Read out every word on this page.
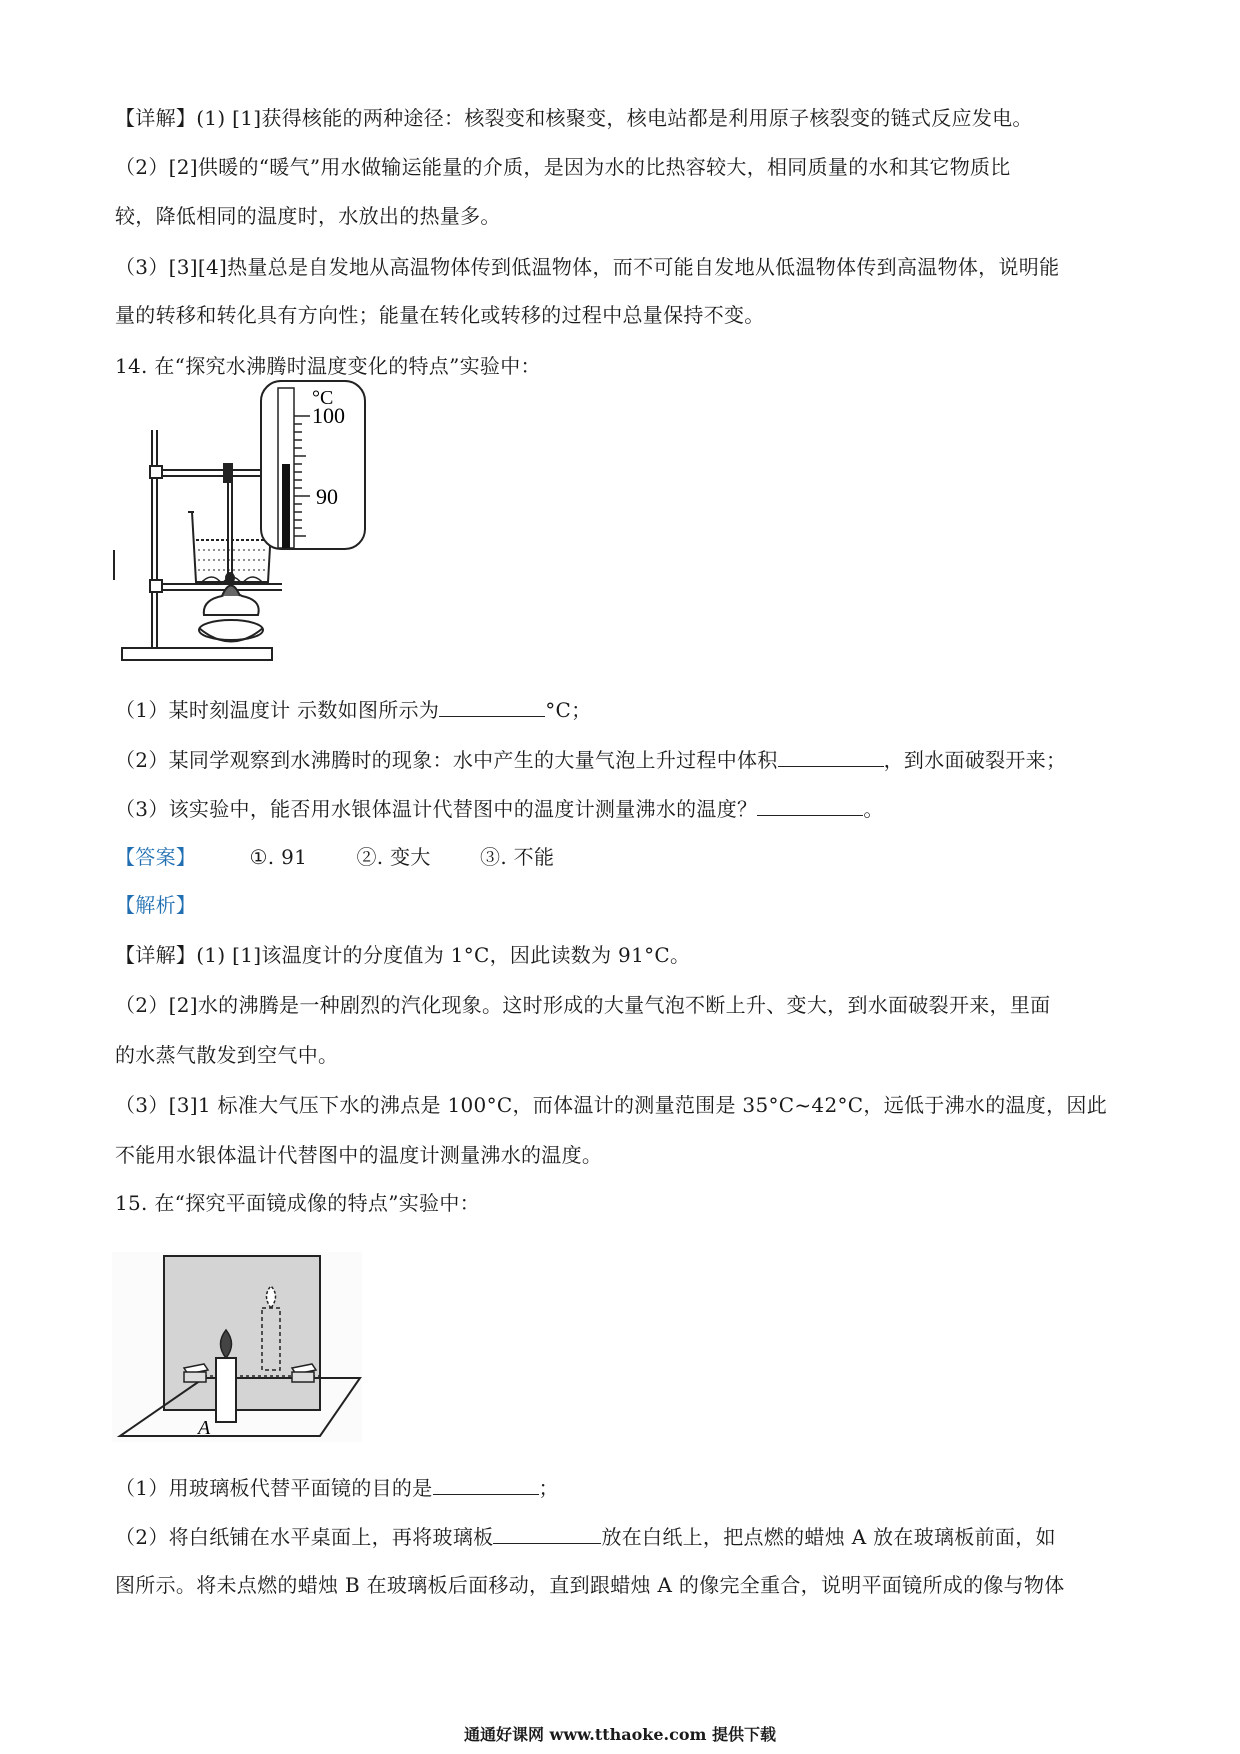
【详解】(1) [1]获得核能的两种途径：核裂变和核聚变，核电站都是利用原子核裂变的链式反应发电。
（2）[2]供暖的“暖气”用水做输运能量的介质，是因为水的比热容较大，相同质量的水和其它物质比
较，降低相同的温度时，水放出的热量多。
（3）[3][4]热量总是自发地从高温物体传到低温物体，而不可能自发地从低温物体传到高温物体，说明能
量的转移和转化具有方向性；能量在转化或转移的过程中总量保持不变。
14. 在“探究水沸腾时温度变化的特点”实验中：
°C
100
90
（1）某时刻温度计 示数如图所示为	°C；
（2）某同学观察到水沸腾时的现象：水中产生的大量气泡上升过程中体积	，到水面破裂开来；
（3）该实验中，能否用水银体温计代替图中的温度计测量沸水的温度？	。
【答案】	①. 91 ②. 变大 ③. 不能
【解析】
【详解】(1) [1]该温度计的分度值为 1°C，因此读数为 91°C。
（2）[2]水的沸腾是一种剧烈的汽化现象。这时形成的大量气泡不断上升、变大，到水面破裂开来，里面
的水蒸气散发到空气中。
（3）[3]1 标准大气压下水的沸点是 100°C，而体温计的测量范围是 35°C~42°C，远低于沸水的温度，因此
不能用水银体温计代替图中的温度计测量沸水的温度。
15. 在“探究平面镜成像的特点”实验中：
A
（1）用玻璃板代替平面镜的目的是	；
（2）将白纸铺在水平桌面上，再将玻璃板	放在白纸上，把点燃的蜡烛 A 放在玻璃板前面，如
图所示。将未点燃的蜡烛 B 在玻璃板后面移动，直到跟蜡烛 A 的像完全重合，说明平面镜所成的像与物体
通通好课网 www.tthaoke.com 提供下载
